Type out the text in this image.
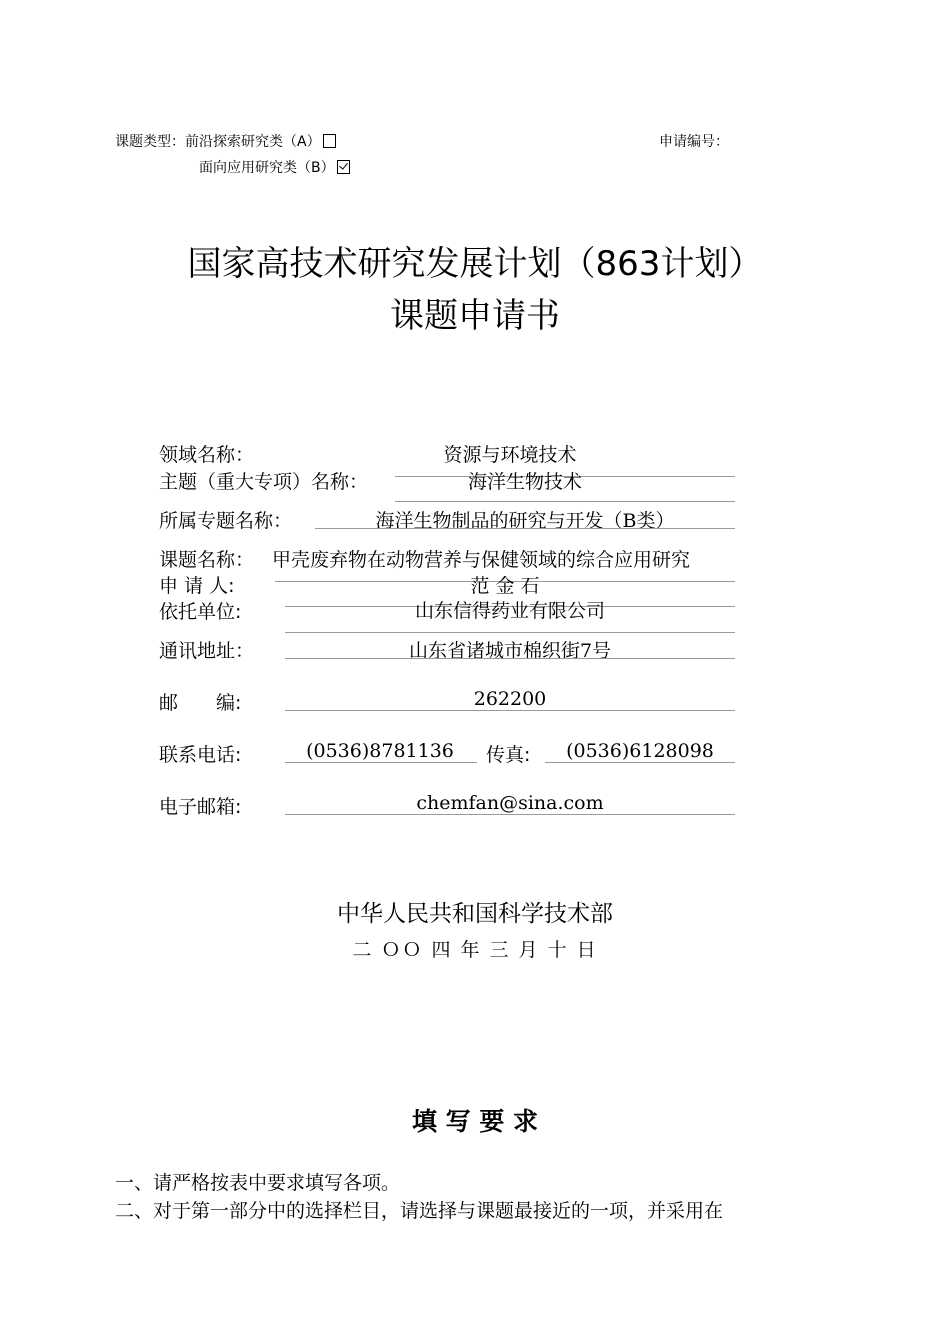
课题类型：前沿探索研究类（A）
面向应用研究类（B）
申请编号：
国家高技术研究发展计划（863计划）
课题申请书
领域名称：	资源与环境技术
主题（重大专项）名称：	海洋生物技术
所属专题名称：	海洋生物制品的研究与开发（B类）
课题名称： 甲壳废弃物在动物营养与保健领域的综合应用研究
申 请 人:	范 金 石
依托单位:	山东信得药业有限公司
通讯地址：	山东省诸城市棉织街7号
邮　　编:	262200
联系电话:	(0536)8781136	传真:	(0536)6128098
电子邮箱:	chemfan@sina.com
中华人民共和国科学技术部
二 ＯＯ 四 年 三 月 十 日
填 写 要 求
一、请严格按表中要求填写各项。
二、对于第一部分中的选择栏目，请选择与课题最接近的一项，并采用在
